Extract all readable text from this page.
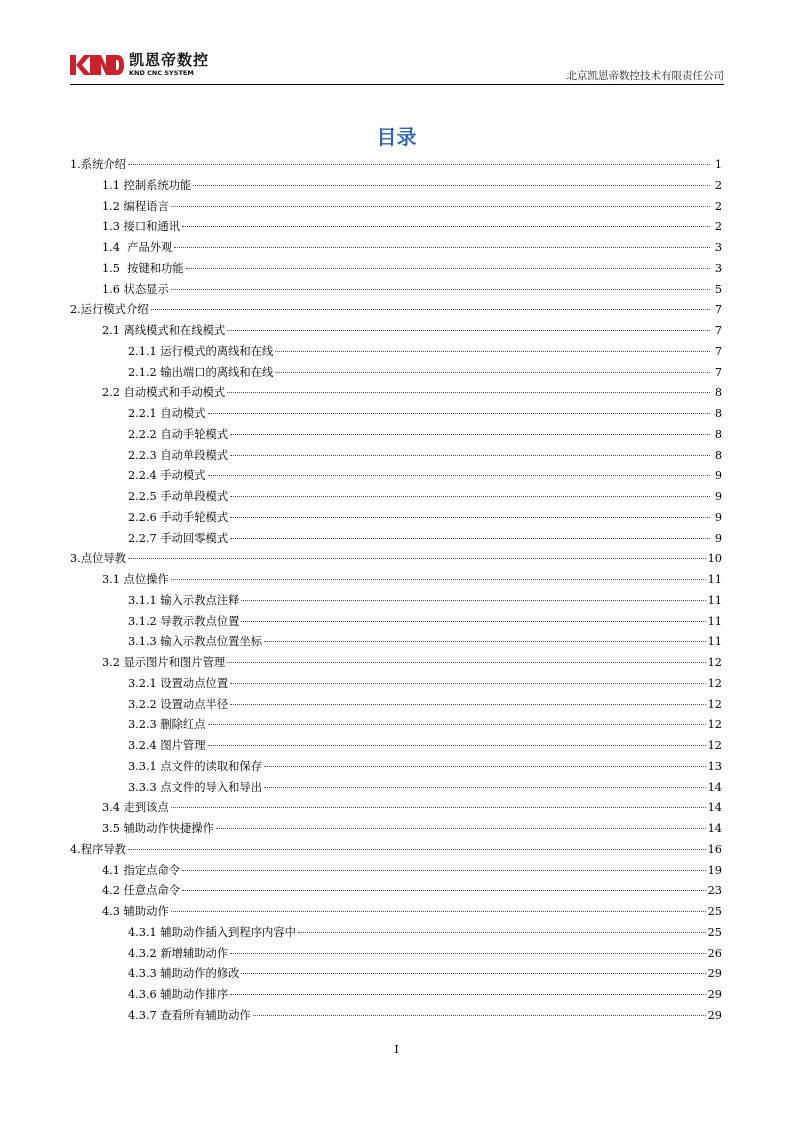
凯恩帝数控
KND CNC SYSTEM	北京凯恩帝数控技术有限责任公司
目录
1.系统介绍	1
1.1 控制系统功能	2
1.2 编程语言	2
1.3 接口和通讯	2
1.4  产品外观	3
1.5  按键和功能	3
1.6 状态显示	5
2.运行模式介绍	7
2.1 离线模式和在线模式	7
2.1.1 运行模式的离线和在线	7
2.1.2 输出端口的离线和在线	7
2.2 自动模式和手动模式	8
2.2.1 自动模式	8
2.2.2 自动手轮模式	8
2.2.3 自动单段模式	8
2.2.4 手动模式	9
2.2.5 手动单段模式	9
2.2.6 手动手轮模式	9
2.2.7 手动回零模式	9
3.点位导教	10
3.1 点位操作	11
3.1.1 输入示教点注释	11
3.1.2 导教示教点位置	11
3.1.3 输入示教点位置坐标	11
3.2 显示图片和图片管理	12
3.2.1 设置动点位置	12
3.2.2 设置动点半径	12
3.2.3 删除红点	12
3.2.4 图片管理	12
3.3.1 点文件的读取和保存	13
3.3.3 点文件的导入和导出	14
3.4 走到该点	14
3.5 辅助动作快捷操作	14
4.程序导教	16
4.1 指定点命令	19
4.2 任意点命令	23
4.3 辅助动作	25
4.3.1 辅助动作插入到程序内容中	25
4.3.2 新增辅助动作	26
4.3.3 辅助动作的修改	29
4.3.6 辅助动作排序	29
4.3.7 查看所有辅助动作	29
I
